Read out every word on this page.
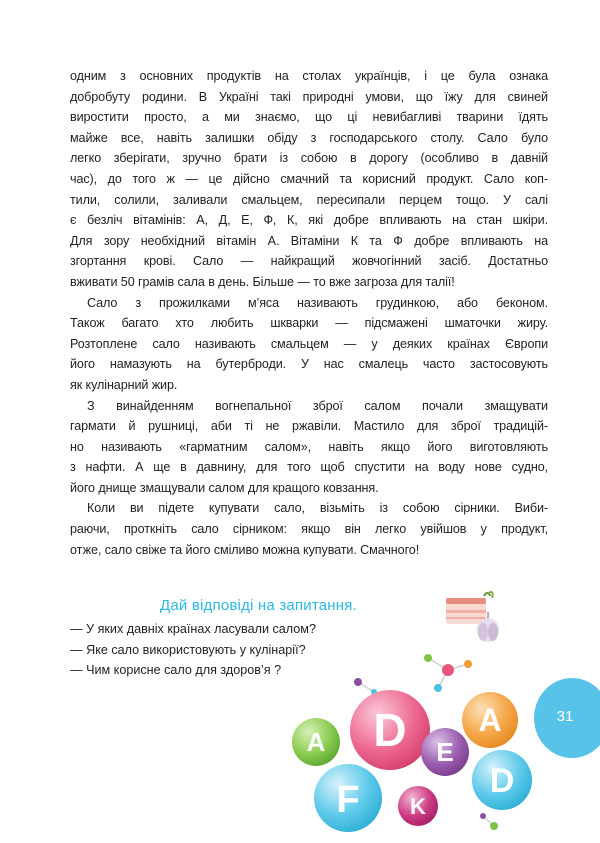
одним з основних продуктів на столах українців, і це була ознака
добробуту родини. В Україні такі природні умови, що їжу для свиней
виростити просто, а ми знаємо, що ці невибагливі тварини їдять
майже все, навіть залишки обіду з господарського столу. Сало було
легко зберігати, зручно брати із собою в дорогу (особливо в давній
час), до того ж — це дійсно смачний та корисний продукт. Сало коп-
тили, солили, заливали смальцем, пересипали перцем тощо. У салі
є безліч вітамінів: А, Д, Е, Ф, К, які добре впливають на стан шкіри.
Для зору необхідний вітамін А. Вітаміни К та Ф добре впливають на
згортання крові. Сало — найкращий жовчогінний засіб. Достатньо
вживати 50 грамів сала в день. Більше — то вже загроза для талії!
Сало з прожилками м’яса називають грудинкою, або беконом.
Також багато хто любить шкварки — підсмажені шматочки жиру.
Розтоплене сало називають смальцем — у деяких країнах Європи
його намазують на бутерброди. У нас смалець часто застосовують
як кулінарний жир.
З винайденням вогнепальної зброї салом почали змащувати
гармати й рушниці, аби ті не ржавіли. Мастило для зброї традицій-
но називають «гарматним салом», навіть якщо його виготовляють
з нафти. А ще в давнину, для того щоб спустити на воду нове судно,
його днище змащували салом для кращого ковзання.
Коли ви підете купувати сало, візьміть із собою сірники. Виби-
раючи, проткніть сало сірником: якщо він легко увійшов у продукт,
отже, сало свіже та його сміливо можна купувати. Смачного!
Дай відповіді на запитання.
— У яких давніх країнах ласували салом?
— Яке сало використовують у кулінарії?
— Чим корисне сало для здоров’я ?
31
A D E
A
D
F K
